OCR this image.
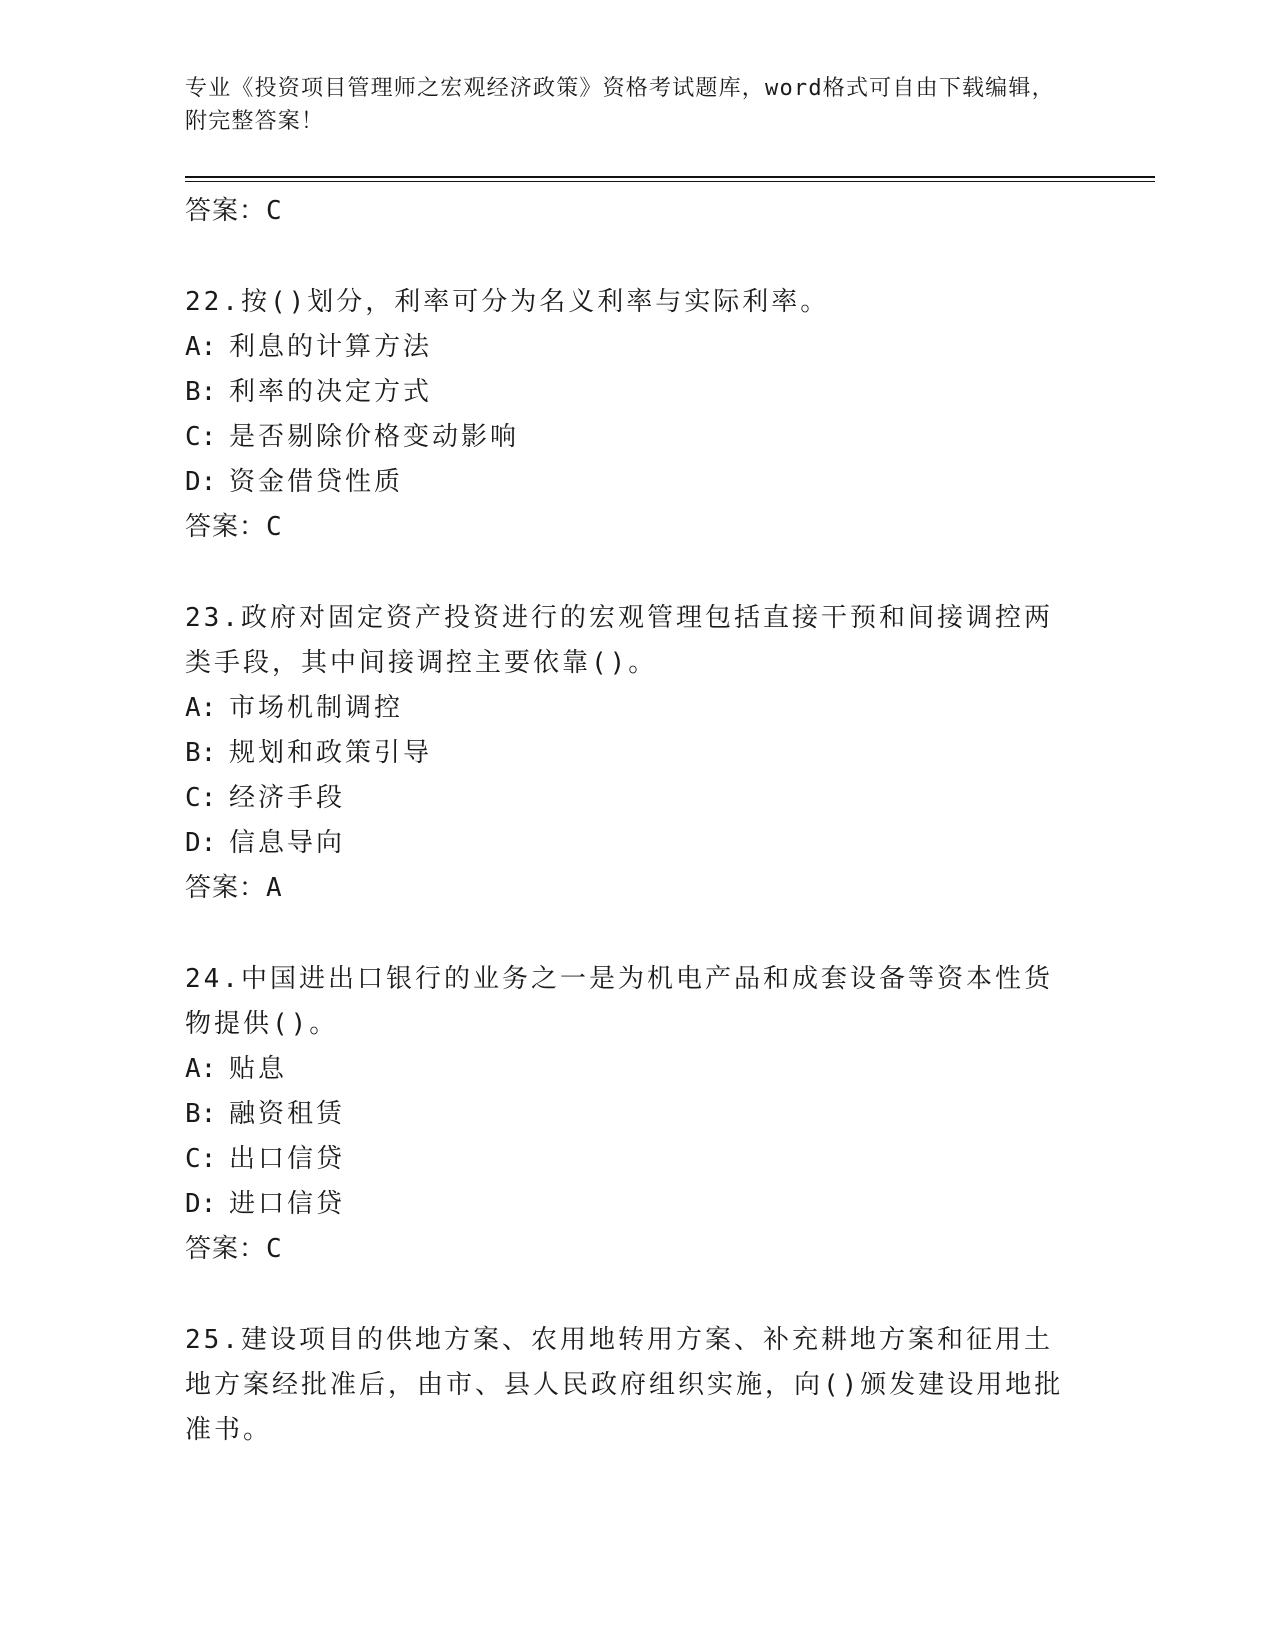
专业《投资项目管理师之宏观经济政策》资格考试题库，word格式可自由下载编辑，附完整答案！
答案：C
22.按()划分，利率可分为名义利率与实际利率。
A: 利息的计算方法
B: 利率的决定方式
C: 是否剔除价格变动影响
D: 资金借贷性质
答案：C
23.政府对固定资产投资进行的宏观管理包括直接干预和间接调控两类手段，其中间接调控主要依靠()。
A: 市场机制调控
B: 规划和政策引导
C: 经济手段
D: 信息导向
答案：A
24.中国进出口银行的业务之一是为机电产品和成套设备等资本性货物提供()。
A: 贴息
B: 融资租赁
C: 出口信贷
D: 进口信贷
答案：C
25.建设项目的供地方案、农用地转用方案、补充耕地方案和征用土地方案经批准后，由市、县人民政府组织实施，向()颁发建设用地批准书。
